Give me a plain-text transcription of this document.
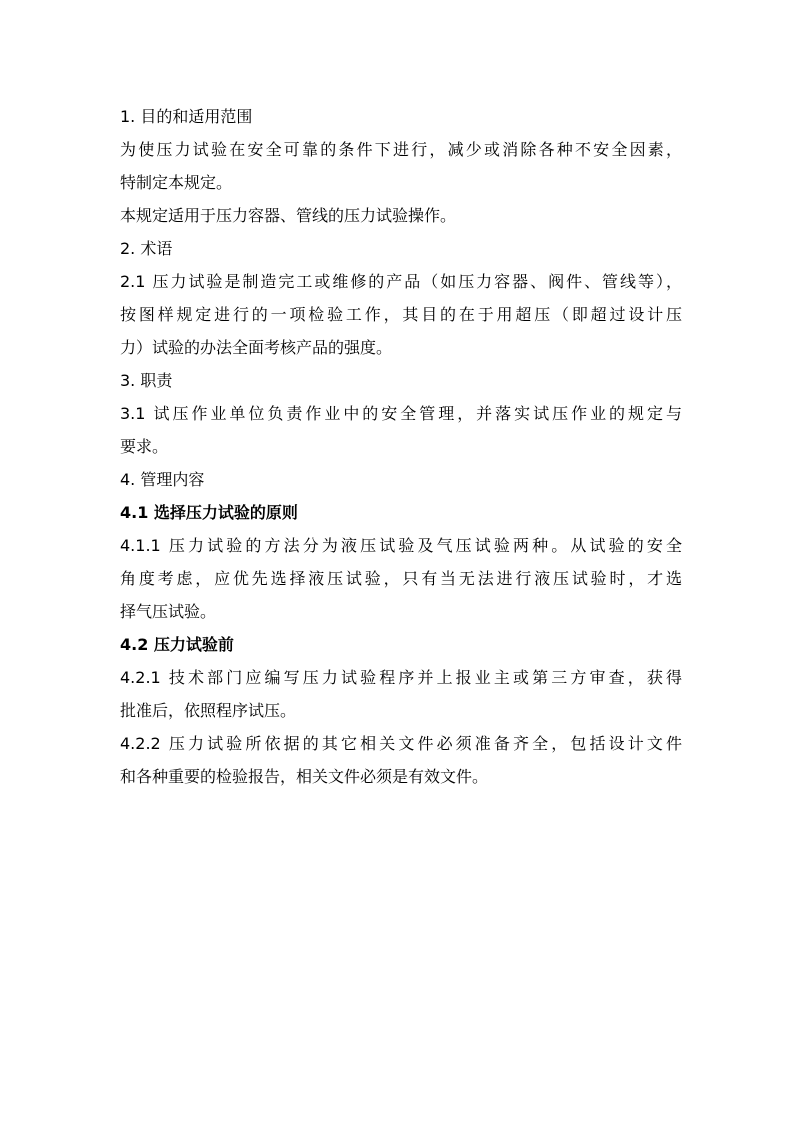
1. 目的和适用范围
为使压力试验在安全可靠的条件下进行，减少或消除各种不安全因素，
特制定本规定。
本规定适用于压力容器、管线的压力试验操作。
2. 术语
2.1 压力试验是制造完工或维修的产品（如压力容器、阀件、管线等），
按图样规定进行的一项检验工作，其目的在于用超压（即超过设计压
力）试验的办法全面考核产品的强度。
3. 职责
3.1 试压作业单位负责作业中的安全管理，并落实试压作业的规定与
要求。
4. 管理内容
4.1 选择压力试验的原则
4.1.1 压力试验的方法分为液压试验及气压试验两种。从试验的安全
角度考虑，应优先选择液压试验，只有当无法进行液压试验时，才选
择气压试验。
4.2 压力试验前
4.2.1 技术部门应编写压力试验程序并上报业主或第三方审查，获得
批准后，依照程序试压。
4.2.2 压力试验所依据的其它相关文件必须准备齐全，包括设计文件
和各种重要的检验报告，相关文件必须是有效文件。
